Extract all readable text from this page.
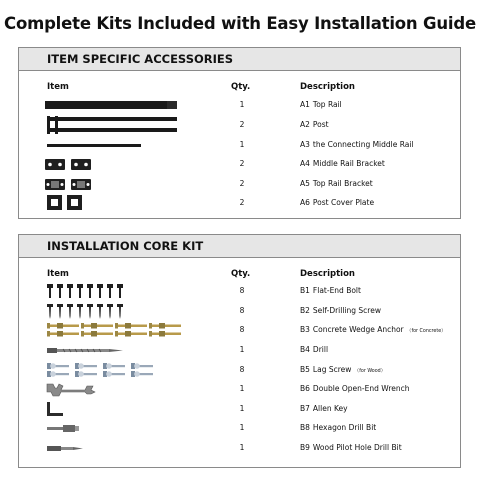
Complete Kits Included with Easy Installation Guide
ITEM SPECIFIC ACCESSORIES
Item	Qty.	Description
1	A1 Top Rail
2	A2 Post
1	A3 the Connecting Middle Rail
2	A4 Middle Rail Bracket
2	A5 Top Rail Bracket
2	A6 Post Cover Plate
INSTALLATION CORE KIT
Item	Qty.	Description
8	B1 Flat-End Bolt
8	B2 Self-Drilling Screw
8	B3 Concrete Wedge Anchor （for Concrete）
1	B4 Drill
8	B5 Lag Screw （for Wood）
1	B6 Double Open-End Wrench
1	B7 Allen Key
1	B8 Hexagon Drill Bit
1	B9 Wood Pilot Hole Drill Bit
